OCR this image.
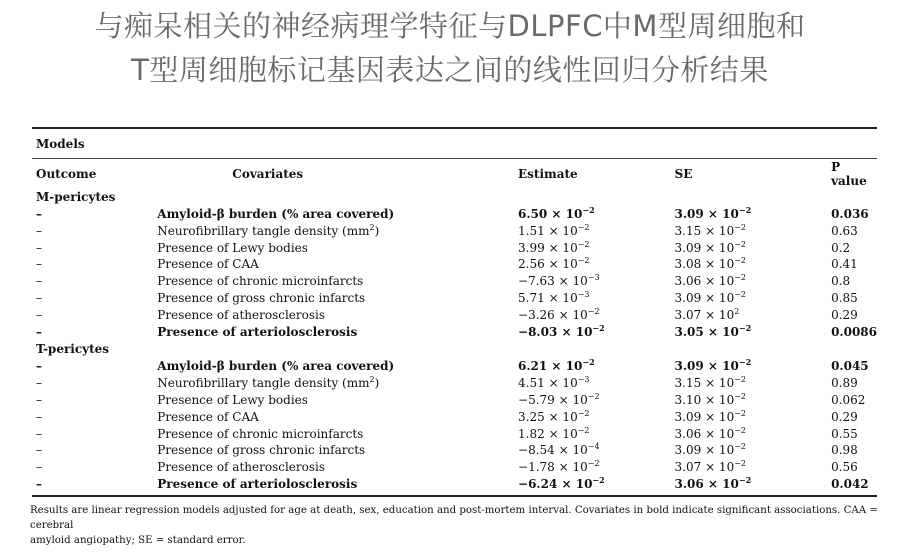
与痴呆相关的神经病理学特征与DLPFC中M型周细胞和
T型周细胞标记基因表达之间的线性回归分析结果
Models
Outcome	Covariates	Estimate	SE	P value
M-pericytes				
–	Amyloid-β burden (% area covered)	$6.50 \times 10^{-2}$	$3.09 \times 10^{-2}$	0.036
–	Neurofibrillary tangle density $(mm^2)$	$1.51 \times 10^{-2}$	$3.15 \times 10^{-2}$	0.63
–	Presence of Lewy bodies	$3.99 \times 10^{-2}$	$3.09 \times 10^{-2}$	0.2
–	Presence of CAA	$2.56 \times 10^{-2}$	$3.08 \times 10^{-2}$	0.41
–	Presence of chronic microinfarcts	$-7.63 \times 10^{-3}$	$3.06 \times 10^{-2}$	0.8
–	Presence of gross chronic infarcts	$5.71 \times 10^{-3}$	$3.09 \times 10^{-2}$	0.85
–	Presence of atherosclerosis	$-3.26 \times 10^{-2}$	$3.07 \times 10^2$	0.29
–	Presence of arteriolosclerosis	$-8.03 \times 10^{-2}$	$3.05 \times 10^{-2}$	0.0086
T-pericytes				
–	Amyloid-β burden (% area covered)	$6.21 \times 10^{-2}$	$3.09 \times 10^{-2}$	0.045
–	Neurofibrillary tangle density $(mm^2)$	$4.51 \times 10^{-3}$	$3.15 \times 10^{-2}$	0.89
–	Presence of Lewy bodies	$-5.79 \times 10^{-2}$	$3.10 \times 10^{-2}$	0.062
–	Presence of CAA	$3.25 \times 10^{-2}$	$3.09 \times 10^{-2}$	0.29
–	Presence of chronic microinfarcts	$1.82 \times 10^{-2}$	$3.06 \times 10^{-2}$	0.55
–	Presence of gross chronic infarcts	$-8.54 \times 10^{-4}$	$3.09 \times 10^{-2}$	0.98
–	Presence of atherosclerosis	$-1.78 \times 10^{-2}$	$3.07 \times 10^{-2}$	0.56
–	Presence of arteriolosclerosis	$-6.24 \times 10^{-2}$	$3.06 \times 10^{-2}$	0.042
Results are linear regression models adjusted for age at death, sex, education and post-mortem interval. Covariates in bold indicate significant associations. CAA = cerebral
amyloid angiopathy; SE = standard error.
